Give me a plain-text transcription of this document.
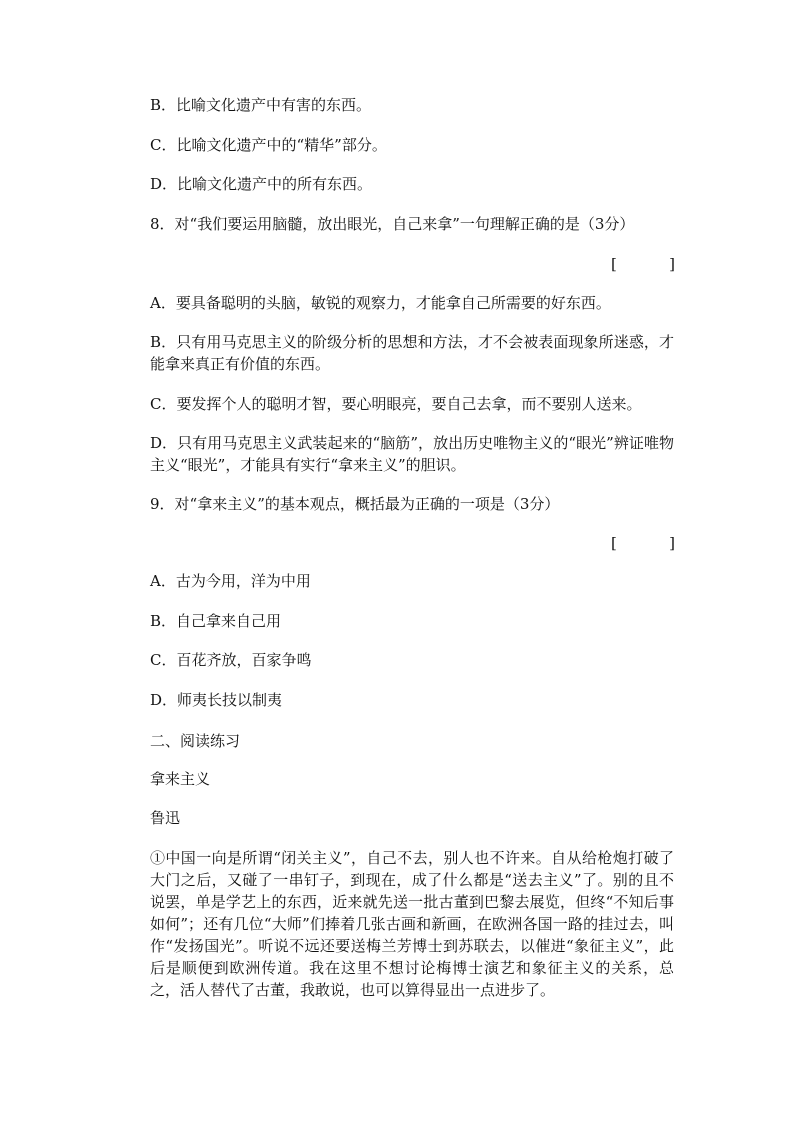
B．比喻文化遗产中有害的东西。
C．比喻文化遗产中的“精华”部分。
D．比喻文化遗产中的所有东西。
8．对“我们要运用脑髓，放出眼光，自己来拿”一句理解正确的是（3分）
[	]
A．要具备聪明的头脑，敏锐的观察力，才能拿自己所需要的好东西。
B．只有用马克思主义的阶级分析的思想和方法，才不会被表面现象所迷惑，才能拿来真正有价值的东西。
C．要发挥个人的聪明才智，要心明眼亮，要自己去拿，而不要别人送来。
D．只有用马克思主义武装起来的“脑筋”，放出历史唯物主义的“眼光”辨证唯物主义“眼光”，才能具有实行“拿来主义”的胆识。
9．对“拿来主义”的基本观点，概括最为正确的一项是（3分）
[	]
A．古为今用，洋为中用
B．自己拿来自己用
C．百花齐放，百家争鸣
D．师夷长技以制夷
二、阅读练习
拿来主义
鲁迅
①中国一向是所谓“闭关主义”，自己不去，别人也不许来。自从给枪炮打破了大门之后，又碰了一串钉子，到现在，成了什么都是“送去主义”了。别的且不说罢，单是学艺上的东西，近来就先送一批古董到巴黎去展览，但终“不知后事如何”；还有几位“大师”们捧着几张古画和新画，在欧洲各国一路的挂过去，叫作“发扬国光”。听说不远还要送梅兰芳博士到苏联去，以催进“象征主义”，此后是顺便到欧洲传道。我在这里不想讨论梅博士演艺和象征主义的关系，总之，活人替代了古董，我敢说，也可以算得显出一点进步了。
